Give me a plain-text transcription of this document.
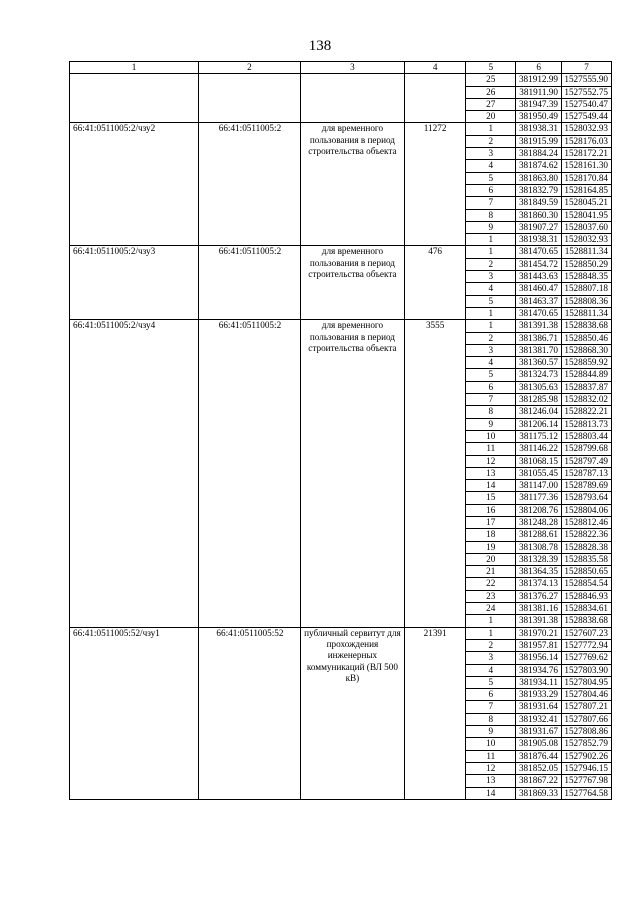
138
1	2	3	4	5	6	7
				25	381912.99	1527555.90
				26	381911.90	1527552.75
				27	381947.39	1527540.47
				20	381950.49	1527549.44
66:41:0511005:2/чзу2	66:41:0511005:2	для временного пользования в период строительства объекта	11272	1	381938.31	1528032.93
				2	381915.99	1528176.03
				3	381884.24	1528172.21
				4	381874.62	1528161.30
				5	381863.80	1528170.84
				6	381832.79	1528164.85
				7	381849.59	1528045.21
				8	381860.30	1528041.95
				9	381907.27	1528037.60
				1	381938.31	1528032.93
66:41:0511005:2/чзу3	66:41:0511005:2	для временного пользования в период строительства объекта	476	1	381470.65	1528811.34
				2	381454.72	1528850.29
				3	381443.63	1528848.35
				4	381460.47	1528807.18
				5	381463.37	1528808.36
				1	381470.65	1528811.34
66:41:0511005:2/чзу4	66:41:0511005:2	для временного пользования в период строительства объекта	3555	1	381391.38	1528838.68
				2	381386.71	1528850.46
				3	381381.70	1528868.30
				4	381360.57	1528859.92
				5	381324.73	1528844.89
				6	381305.63	1528837.87
				7	381285.98	1528832.02
				8	381246.04	1528822.21
				9	381206.14	1528813.73
				10	381175.12	1528803.44
				11	381146.22	1528799.68
				12	381068.15	1528797.49
				13	381055.45	1528787.13
				14	381147.00	1528789.69
				15	381177.36	1528793.64
				16	381208.76	1528804.06
				17	381248.28	1528812.46
				18	381288.61	1528822.36
				19	381308.78	1528828.38
				20	381328.39	1528835.58
				21	381364.35	1528850.65
				22	381374.13	1528854.54
				23	381376.27	1528846.93
				24	381381.16	1528834.61
				1	381391.38	1528838.68
66:41:0511005:52/чзу1	66:41:0511005:52	публичный сервитут для прохождения инженерных коммуникаций (ВЛ 500 кВ)	21391	1	381970.21	1527607.23
				2	381957.81	1527772.94
				3	381956.14	1527769.62
				4	381934.76	1527803.90
				5	381934.11	1527804.95
				6	381933.29	1527804.46
				7	381931.64	1527807.21
				8	381932.41	1527807.66
				9	381931.67	1527808.86
				10	381905.08	1527852.79
				11	381876.44	1527902.26
				12	381852.05	1527946.15
				13	381867.22	1527767.98
				14	381869.33	1527764.58
